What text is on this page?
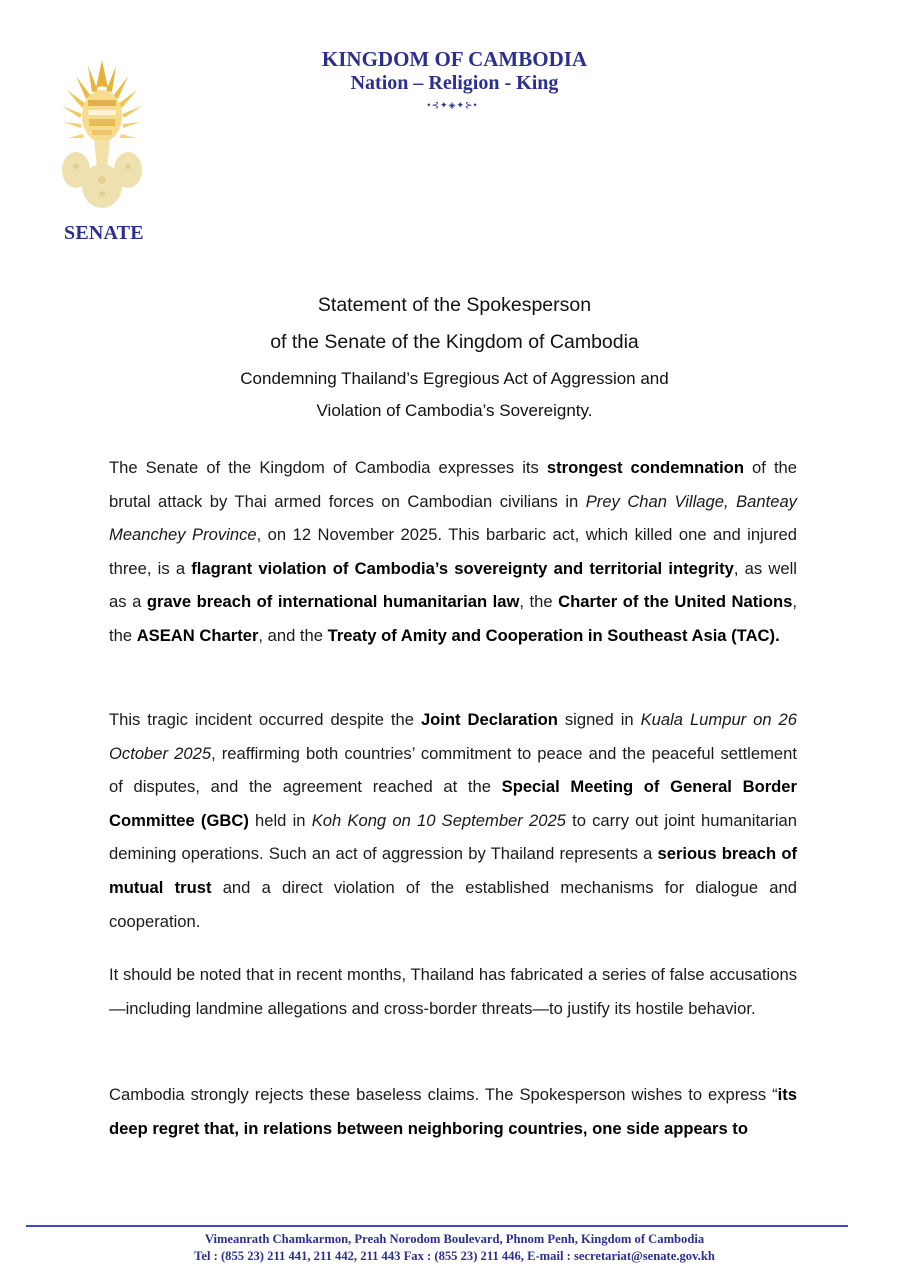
SENATE
KINGDOM OF CAMBODIA
Nation – Religion - King
•⊰✦◈✦⊱•
Statement of the Spokesperson
of the Senate of the Kingdom of Cambodia
Condemning Thailand’s Egregious Act of Aggression and
Violation of Cambodia’s Sovereignty.
The Senate of the Kingdom of Cambodia expresses its strongest condemnation of the brutal attack by Thai armed forces on Cambodian civilians in Prey Chan Village, Banteay Meanchey Province, on 12 November 2025. This barbaric act, which killed one and injured three, is a flagrant violation of Cambodia’s sovereignty and territorial integrity, as well as a grave breach of international humanitarian law, the Charter of the United Nations, the ASEAN Charter, and the Treaty of Amity and Cooperation in Southeast Asia (TAC).
This tragic incident occurred despite the Joint Declaration signed in Kuala Lumpur on 26 October 2025, reaffirming both countries’ commitment to peace and the peaceful settlement of disputes, and the agreement reached at the Special Meeting of General Border Committee (GBC) held in Koh Kong on 10 September 2025 to carry out joint humanitarian demining operations. Such an act of aggression by Thailand represents a serious breach of mutual trust and a direct violation of the established mechanisms for dialogue and cooperation.
It should be noted that in recent months, Thailand has fabricated a series of false accusations—including landmine allegations and cross-border threats—to justify its hostile behavior.
Cambodia strongly rejects these baseless claims. The Spokesperson wishes to express “its deep regret that, in relations between neighboring countries, one side appears to
Vimeanrath Chamkarmon, Preah Norodom Boulevard, Phnom Penh, Kingdom of Cambodia
Tel : (855 23) 211 441, 211 442, 211 443 Fax : (855 23) 211 446, E-mail : secretariat@senate.gov.kh
